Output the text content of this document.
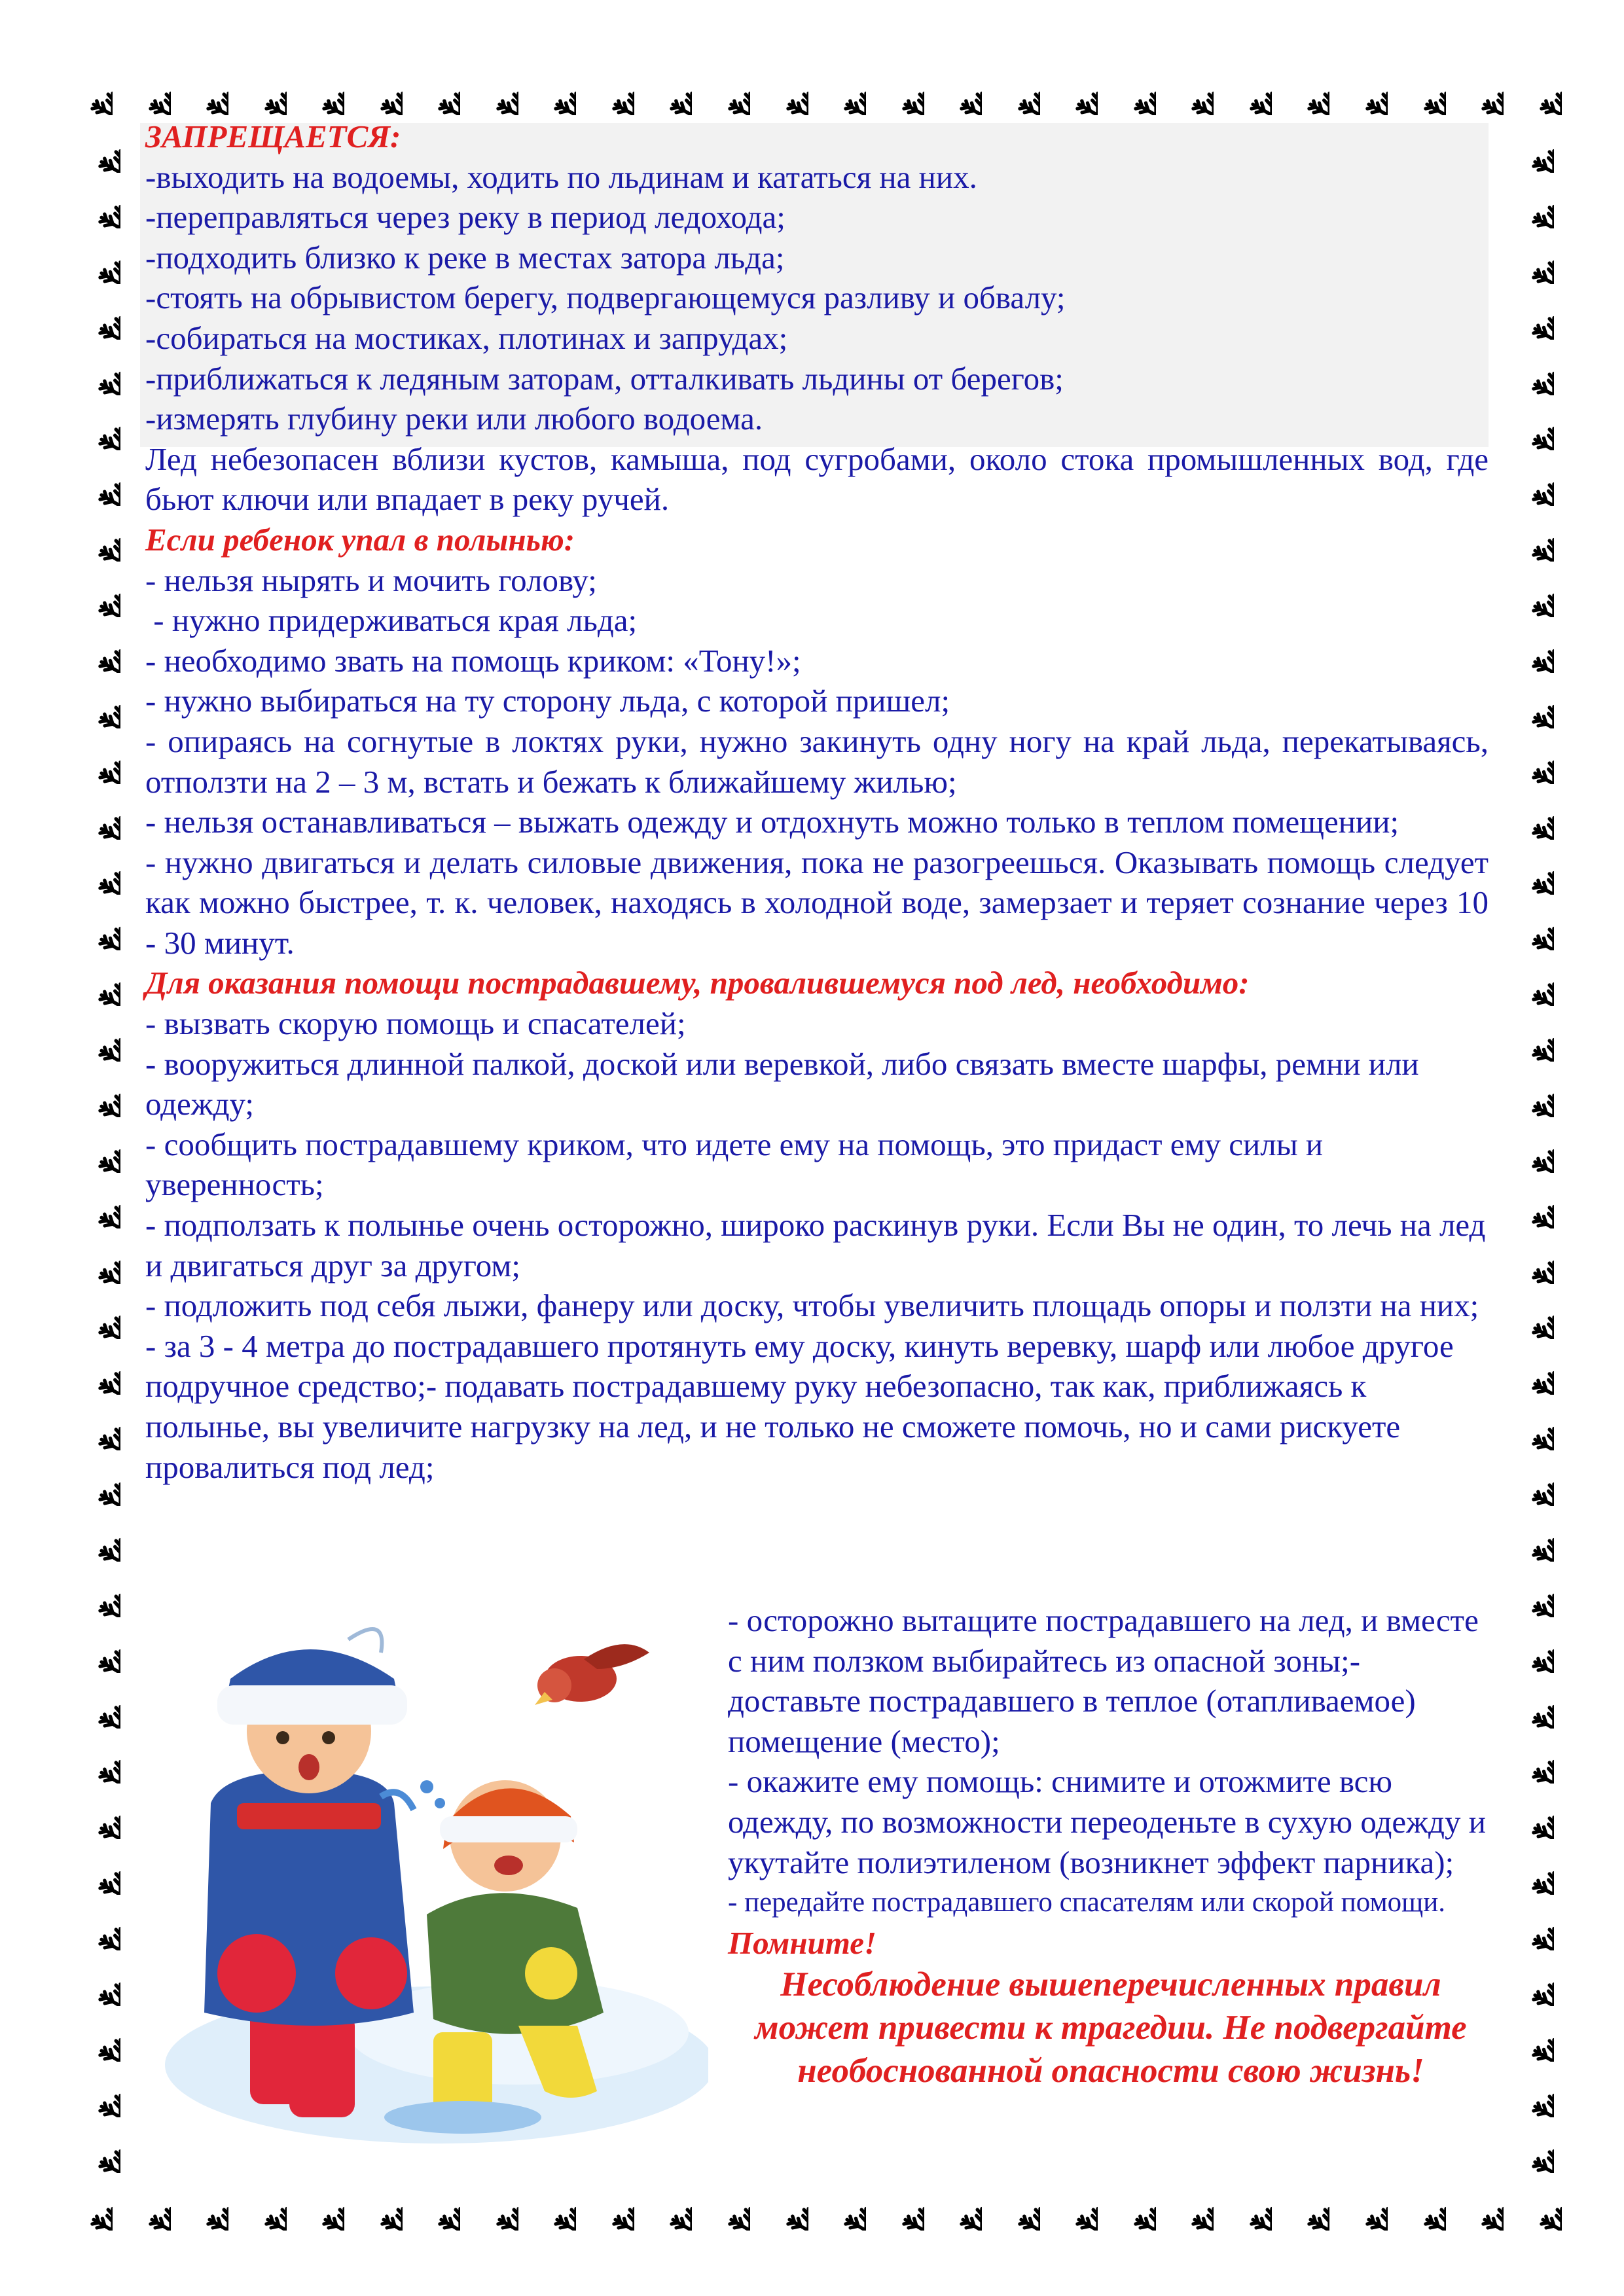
ЗАПРЕЩАЕТСЯ:

-выходить на водоемы, ходить по льдинам и кататься на них.

-переправляться через реку в период ледохода;

-подходить близко к реке в местах затора льда;

-стоять на обрывистом берегу, подвергающемуся разливу и обвалу;

-собираться на мостиках, плотинах и запрудах;

-приближаться к ледяным заторам, отталкивать льдины от берегов;

-измерять глубину реки или любого водоема.

Лед небезопасен вблизи кустов, камыша, под сугробами, около стока промышленных вод, где бьют ключи или впадает в реку ручей.

Если ребенок упал в полынью:

- нельзя нырять и мочить голову;

- нужно придерживаться края льда;

- необходимо звать на помощь криком: «Тону!»;

- нужно выбираться на ту сторону льда, с которой пришел;

- опираясь на согнутые в локтях руки, нужно закинуть одну ногу на край льда, перекатываясь, отползти на 2 – 3 м, встать и бежать к ближайшему жилью;

- нельзя останавливаться – выжать одежду и отдохнуть можно только в теплом помещении;

- нужно двигаться и делать силовые движения, пока не разогреешься. Оказывать помощь следует как можно быстрее, т. к. человек, находясь в холодной воде, замерзает и теряет сознание через 10 - 30 минут.

Для оказания помощи пострадавшему, провалившемуся под лед, необходимо:

- вызвать скорую помощь и спасателей;

- вооружиться длинной палкой, доской или веревкой, либо связать вместе шарфы, ремни или одежду;

- сообщить пострадавшему криком, что идете ему на помощь, это придаст ему силы и уверенность;

- подползать к полынье очень осторожно, широко раскинув руки. Если Вы не один, то лечь на лед и двигаться друг за другом;

- подложить под себя лыжи, фанеру или доску, чтобы увеличить площадь опоры и ползти на них;

- за 3 - 4 метра до пострадавшего протянуть ему доску, кинуть веревку, шарф или любое другое подручное средство;- подавать пострадавшему руку небезопасно, так как, приближаясь к полынье, вы увеличите нагрузку на лед, и не только не сможете помочь, но и сами рискуете провалиться под лед;

- осторожно вытащите пострадавшего на лед, и вместе с ним ползком выбирайтесь из опасной зоны;- доставьте пострадавшего в теплое (отапливаемое) помещение (место);

- окажите ему помощь: снимите и отожмите всю одежду, по возможности переоденьте в сухую одежду и укутайте полиэтиленом (возникнет эффект парника);

- передайте пострадавшего спасателям или скорой помощи.

Помните!

Несоблюдение вышеперечисленных правил может привести к трагедии. Не подвергайте необоснованной опасности свою жизнь!
